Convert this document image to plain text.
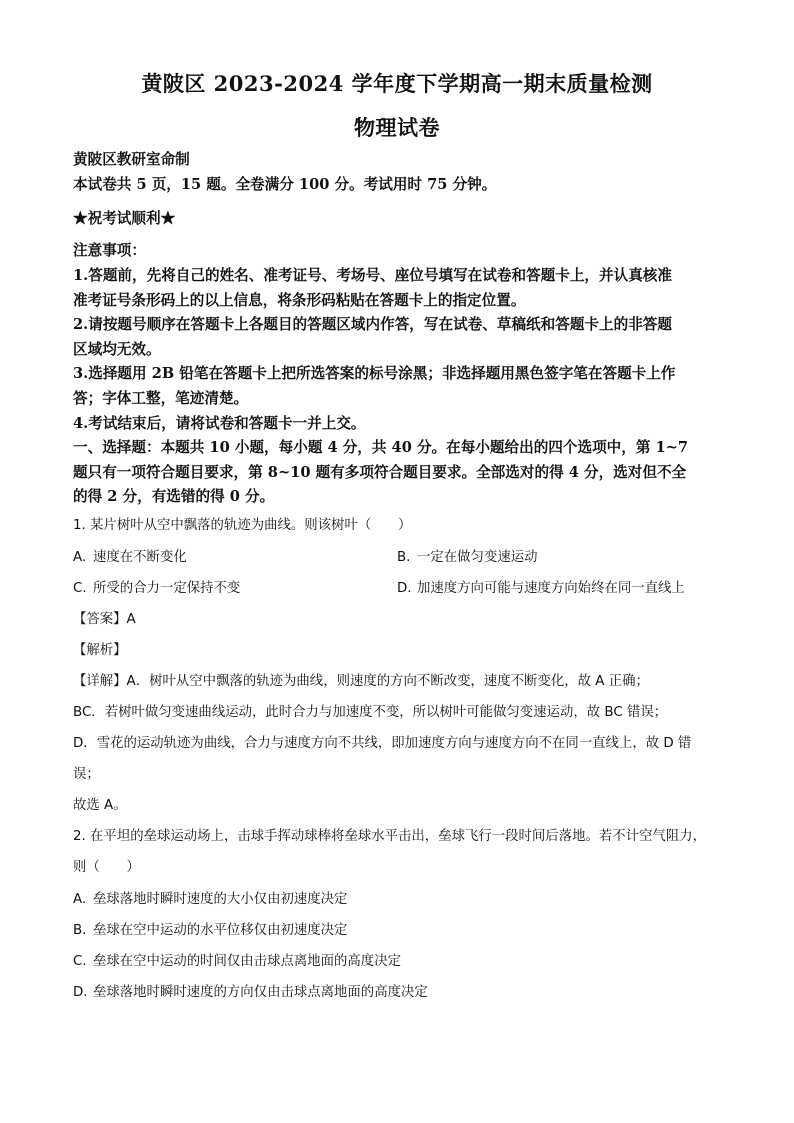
黄陂区 2023-2024 学年度下学期高一期末质量检测
物理试卷
黄陂区教研室命制
本试卷共 5 页，15 题。全卷满分 100 分。考试用时 75 分钟。
★祝考试顺利★
注意事项：
1.答题前，先将自己的姓名、准考证号、考场号、座位号填写在试卷和答题卡上，并认真核准
准考证号条形码上的以上信息，将条形码粘贴在答题卡上的指定位置。
2.请按题号顺序在答题卡上各题目的答题区域内作答，写在试卷、草稿纸和答题卡上的非答题
区域均无效。
3.选择题用 2B 铅笔在答题卡上把所选答案的标号涂黑；非选择题用黑色签字笔在答题卡上作
答；字体工整，笔迹清楚。
4.考试结束后，请将试卷和答题卡一并上交。
一、选择题：本题共 10 小题，每小题 4 分，共 40 分。在每小题给出的四个选项中，第 1~7
题只有一项符合题目要求，第 8~10 题有多项符合题目要求。全部选对的得 4 分，选对但不全
的得 2 分，有选错的得 0 分。
1. 某片树叶从空中飘落的轨迹为曲线。则该树叶（　　）
A. 速度在不断变化	B. 一定在做匀变速运动
C. 所受的合力一定保持不变	D. 加速度方向可能与速度方向始终在同一直线上
【答案】A
【解析】
【详解】A．树叶从空中飘落的轨迹为曲线，则速度的方向不断改变，速度不断变化，故 A 正确；
BC．若树叶做匀变速曲线运动，此时合力与加速度不变，所以树叶可能做匀变速运动，故 BC 错误；
D．雪花的运动轨迹为曲线，合力与速度方向不共线，即加速度方向与速度方向不在同一直线上，故 D 错
误；
故选 A。
2. 在平坦的垒球运动场上，击球手挥动球棒将垒球水平击出，垒球飞行一段时间后落地。若不计空气阻力，
则（　　）
A. 垒球落地时瞬时速度的大小仅由初速度决定
B. 垒球在空中运动的水平位移仅由初速度决定
C. 垒球在空中运动的时间仅由击球点离地面的高度决定
D. 垒球落地时瞬时速度的方向仅由击球点离地面的高度决定
